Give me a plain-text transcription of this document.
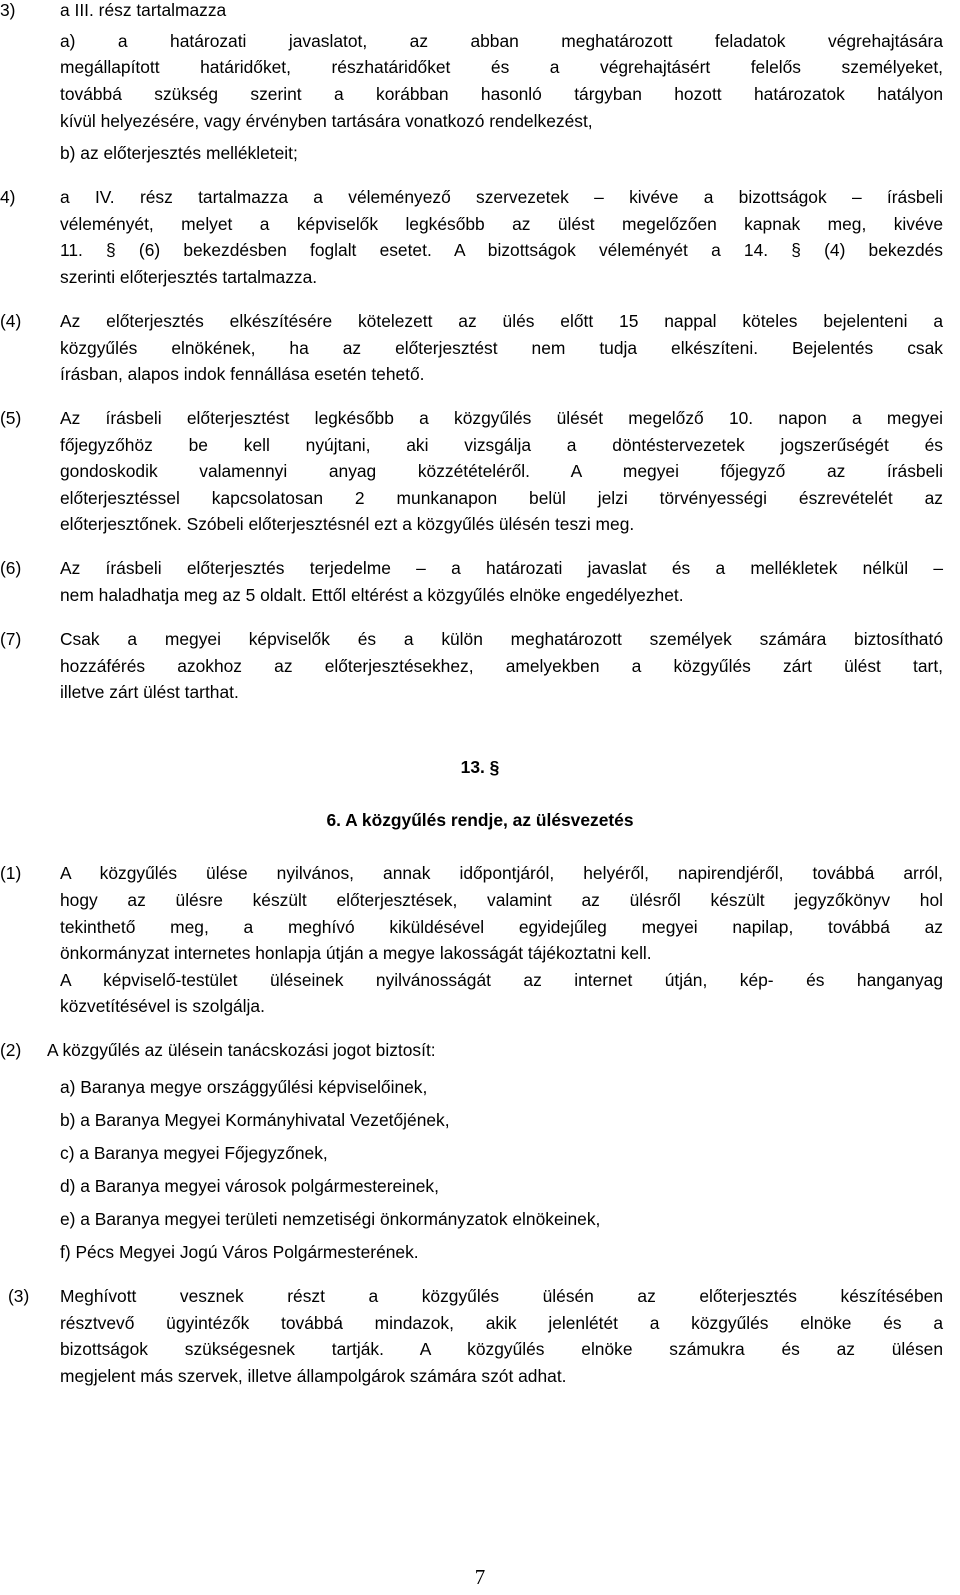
3)	a III. rész tartalmazza
a) a határozati javaslatot, az abban meghatározott feladatok végrehajtására
megállapított határidőket, részhatáridőket és a végrehajtásért felelős személyeket,
továbbá szükség szerint a korábban hasonló tárgyban hozott határozatok hatályon
kívül helyezésére, vagy érvényben tartására vonatkozó rendelkezést,
b) az előterjesztés mellékleteit;
4)	a IV. rész tartalmazza a véleményező szervezetek – kivéve a bizottságok – írásbeli
véleményét, melyet a képviselők legkésőbb az ülést megelőzően kapnak meg, kivéve
11. § (6) bekezdésben foglalt esetet. A bizottságok véleményét a 14. § (4) bekezdés
szerinti előterjesztés tartalmazza.
(4) Az előterjesztés elkészítésére kötelezett az ülés előtt 15 nappal köteles bejelenteni a
közgyűlés elnökének, ha az előterjesztést nem tudja elkészíteni. Bejelentés csak
írásban, alapos indok fennállása esetén tehető.
(5) Az írásbeli előterjesztést legkésőbb a közgyűlés ülését megelőző 10. napon a megyei
főjegyzőhöz be kell nyújtani, aki vizsgálja a döntéstervezetek jogszerűségét és
gondoskodik valamennyi anyag közzétételéről. A megyei főjegyző az írásbeli
előterjesztéssel kapcsolatosan 2 munkanapon belül jelzi törvényességi észrevételét az
előterjesztőnek. Szóbeli előterjesztésnél ezt a közgyűlés ülésén teszi meg.
(6) Az írásbeli előterjesztés terjedelme – a határozati javaslat és a mellékletek nélkül –
nem haladhatja meg az 5 oldalt. Ettől eltérést a közgyűlés elnöke engedélyezhet.
(7) Csak a megyei képviselők és a külön meghatározott személyek számára biztosítható
hozzáférés azokhoz az előterjesztésekhez, amelyekben a közgyűlés zárt ülést tart,
illetve zárt ülést tarthat.
13. §
6. A közgyűlés rendje, az ülésvezetés
(1) A közgyűlés ülése nyilvános, annak időpontjáról, helyéről, napirendjéről, továbbá arról,
hogy az ülésre készült előterjesztések, valamint az ülésről készült jegyzőkönyv hol
tekinthető meg, a meghívó kiküldésével egyidejűleg megyei napilap, továbbá az
önkormányzat internetes honlapja útján a megye lakosságát tájékoztatni kell.
A képviselő-testület üléseinek nyilvánosságát az internet útján, kép- és hanganyag
közvetítésével is szolgálja.
(2) A közgyűlés az ülésein tanácskozási jogot biztosít:
a) Baranya megye országgyűlési képviselőinek,
b) a Baranya Megyei Kormányhivatal Vezetőjének,
c) a Baranya megyei Főjegyzőnek,
d) a Baranya megyei városok polgármestereinek,
e) a Baranya megyei területi nemzetiségi önkormányzatok elnökeinek,
f) Pécs Megyei Jogú Város Polgármesterének.
(3) Meghívott vesznek részt a közgyűlés ülésén az előterjesztés készítésében
résztvevő ügyintézők továbbá mindazok, akik jelenlétét a közgyűlés elnöke és a
bizottságok szükségesnek tartják. A közgyűlés elnöke számukra és az ülésen
megjelent más szervek, illetve állampolgárok számára szót adhat.
7
